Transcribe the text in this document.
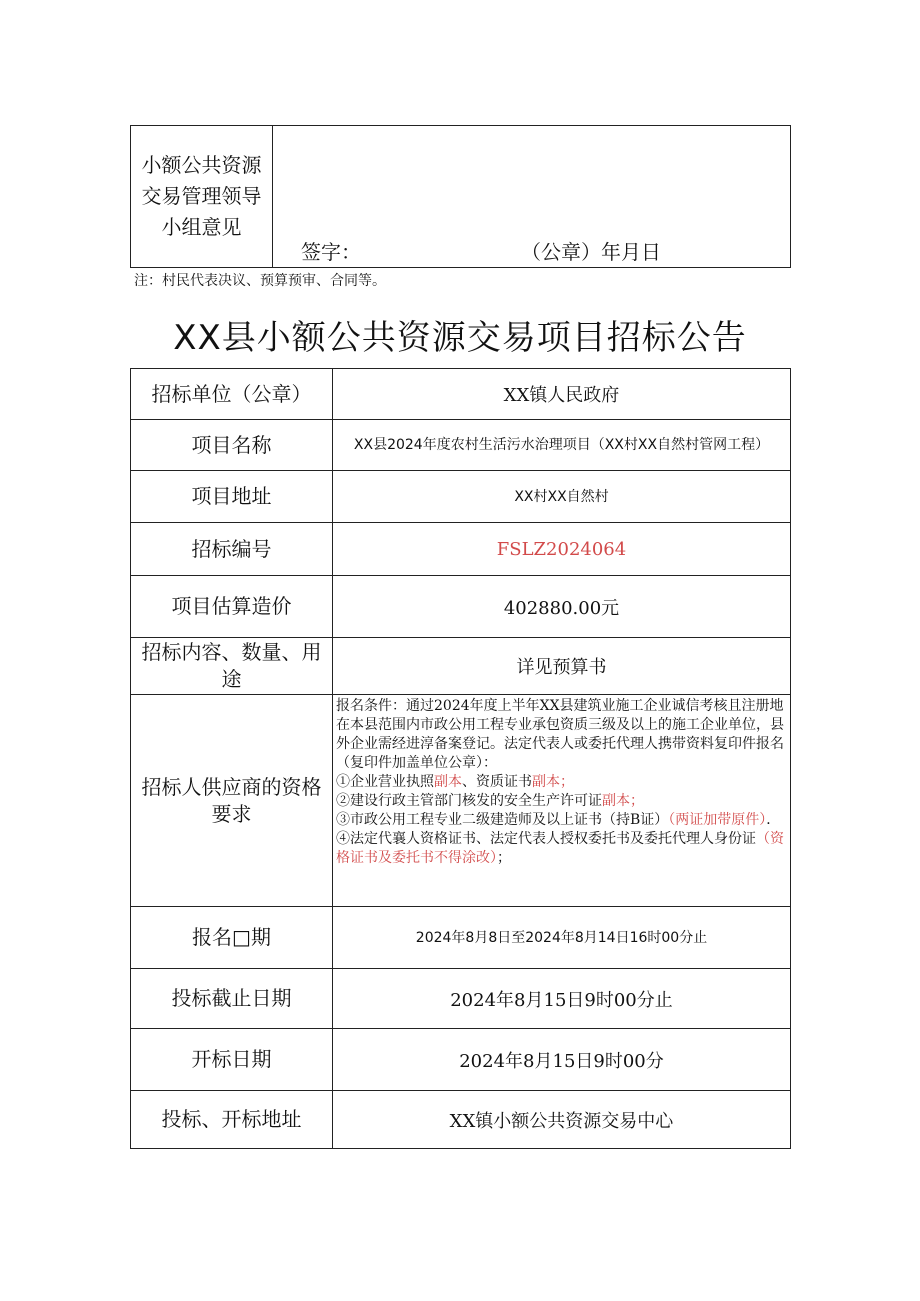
小额公共资源交易管理领导小组意见
签字：	（公章）年月日
注：村民代表决议、预算预审、合同等。
XX县小额公共资源交易项目招标公告
招标单位（公章）	XX镇人民政府
项目名称	XX县2024年度农村生活污水治理项目（XX村XX自然村管网工程）
项目地址	XX村XX自然村
招标编号	FSLZ2024064
项目估算造价	402880.00元
招标内容、数量、用途	详见预算书
招标人供应商的资格要求	报名条件：通过2024年度上半年XX县建筑业施工企业诚信考核且注册地在本县范围内市政公用工程专业承包资质三级及以上的施工企业单位，县外企业需经进淳备案登记。法定代表人或委托代理人携带资料复印件报名（复印件加盖单位公章）：

①企业营业执照副本、资质证书副本；

②建设行政主管部门核发的安全生产许可证副本；

③市政公用工程专业二级建造师及以上证书（持B证）（两证加带原件）．

④法定代襄人资格证书、法定代表人授权委托书及委托代理人身份证（资格证书及委托书不得涂改）；

报名□期	2024年8月8日至2024年8月14日16时00分止
投标截止日期	2024年8月15日9时00分止
开标日期	2024年8月15日9时00分
投标、开标地址	XX镇小额公共资源交易中心
